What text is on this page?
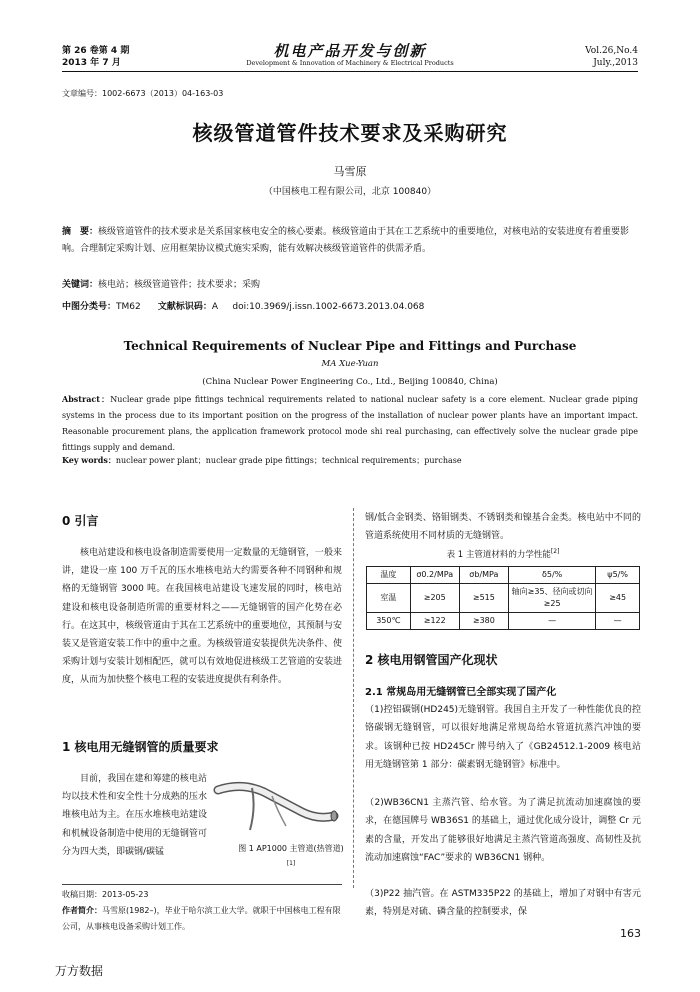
第 26 卷第 4 期
2013 年 7 月
机电产品开发与创新
Development & Innovation of Machinery & Electrical Products
Vol.26,No.4
July.,2013
文章编号：1002-6673（2013）04-163-03
核级管道管件技术要求及采购研究
马雪原
（中国核电工程有限公司，北京 100840）
摘　要：核级管道管件的技术要求是关系国家核电安全的核心要素。核级管道由于其在工艺系统中的重要地位，对核电站的安装进度有着重要影响。合理制定采购计划、应用框架协议模式施实采购，能有效解决核级管道管件的供需矛盾。
关键词：核电站；核级管道管件；技术要求；采购
中图分类号：TM62 文献标识码：A doi:10.3969/j.issn.1002-6673.2013.04.068
Technical Requirements of Nuclear Pipe and Fittings and Purchase
MA Xue-Yuan
(China Nuclear Power Engineering Co., Ltd., Beijing 100840, China)
Abstract：Nuclear grade pipe fittings technical requirements related to national nuclear safety is a core element. Nuclear grade piping systems in the process due to its important position on the progress of the installation of nuclear power plants have an important impact. Reasonable procurement plans, the application framework protocol mode shi real purchasing, can effectively solve the nuclear grade pipe fittings supply and demand.
Key words：nuclear power plant；nuclear grade pipe fittings；technical requirements；purchase
0 引言

核电站建设和核电设备制造需要使用一定数量的无缝钢管，一般来讲，建设一座 100 万千瓦的压水堆核电站大约需要各种不同钢种和规格的无缝钢管 3000 吨。在我国核电站建设飞速发展的同时，核电站建设和核电设备制造所需的重要材料之——无缝钢管的国产化势在必行。在这其中，核级管道由于其在工艺系统中的重要地位，其预制与安装又是管道安装工作中的重中之重。为核级管道安装提供先决条件、使采购计划与安装计划相配匹，就可以有效地促进核级工艺管道的安装进度，从而为加快整个核电工程的安装进度提供有利条件。

1 核电用无缝钢管的质量要求

目前，我国在建和筹建的核电站均以技术性和安全性十分成熟的压水堆核电站为主。在压水堆核电站建设和机械设备制造中使用的无缝钢管可分为四大类，即碳钢/碳锰	图 1 AP1000 主管道(热管道)[1]
收稿日期：2013-05-23
作者简介：马雪原(1982–)，毕业于哈尔滨工业大学。就职于中国核电工程有限公司，从事核电设备采购计划工作。

钢/低合金钢类、铬钼钢类、不锈钢类和镍基合金类。核电站中不同的管道系统使用不同材质的无缝钢管。

表 1 主管道材料的力学性能[2]
温度	σ0.2/MPa	σb/MPa	δ5/%	ψ5/%
室温	≥205	≥515	轴向≥35、径向或切向≥25	≥45
350℃	≥122	≥380	—	—
2 核电用钢管国产化现状
2.1 常规岛用无缝钢管已全部实现了国产化

（1)控铝碳钢(HD245)无缝钢管。我国自主开发了一种性能优良的控铬碳钢无缝钢管，可以很好地满足常规岛给水管道抗蒸汽冲蚀的要求。该钢种已按 HD245Cr 牌号纳入了《GB24512.1-2009 核电站用无缝钢管第 1 部分：碳素钢无缝钢管》标准中。

（2)WB36CN1 主蒸汽管、给水管。为了满足抗流动加速腐蚀的要求，在德国牌号 WB36S1 的基础上，通过优化成分设计，调整 Cr 元素的含量，开发出了能够很好地满足主蒸汽管道高强度、高韧性及抗流动加速腐蚀“FAC”要求的 WB36CN1 钢种。

（3)P22 抽汽管。在 ASTM335P22 的基础上，增加了对钢中有害元素，特别是对硫、磷含量的控制要求，保

163
万方数据
